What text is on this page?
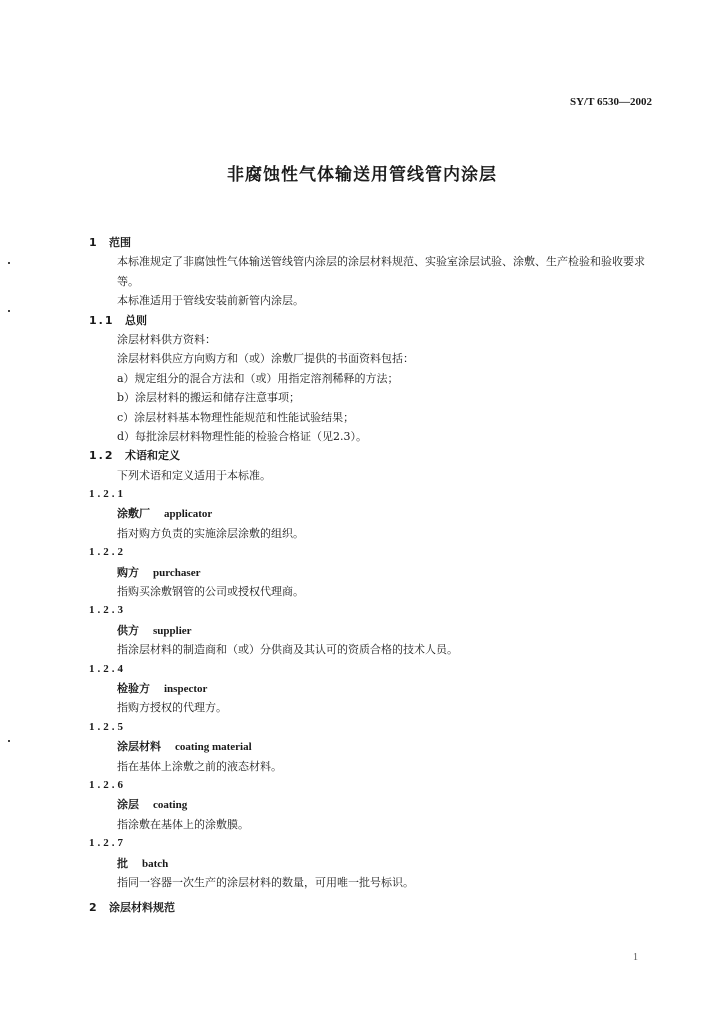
SY/T 6530—2002
非腐蚀性气体输送用管线管内涂层
1 范围
本标准规定了非腐蚀性气体输送管线管内涂层的涂层材料规范、实验室涂层试验、涂敷、生产检验和验收要求等。
本标准适用于管线安装前新管内涂层。
1.1 总则
涂层材料供方资料：
涂层材料供应方向购方和（或）涂敷厂提供的书面资料包括：
a）规定组分的混合方法和（或）用指定溶剂稀释的方法；
b）涂层材料的搬运和储存注意事项；
c）涂层材料基本物理性能规范和性能试验结果；
d）每批涂层材料物理性能的检验合格证（见2.3）。
1.2 术语和定义
下列术语和定义适用于本标准。
1.2.1
涂敷厂 applicator
指对购方负责的实施涂层涂敷的组织。
1.2.2
购方 purchaser
指购买涂敷钢管的公司或授权代理商。
1.2.3
供方 supplier
指涂层材料的制造商和（或）分供商及其认可的资质合格的技术人员。
1.2.4
检验方 inspector
指购方授权的代理方。
1.2.5
涂层材料 coating material
指在基体上涂敷之前的液态材料。
1.2.6
涂层 coating
指涂敷在基体上的涂敷膜。
1.2.7
批 batch
指同一容器一次生产的涂层材料的数量，可用唯一批号标识。
2 涂层材料规范
1
